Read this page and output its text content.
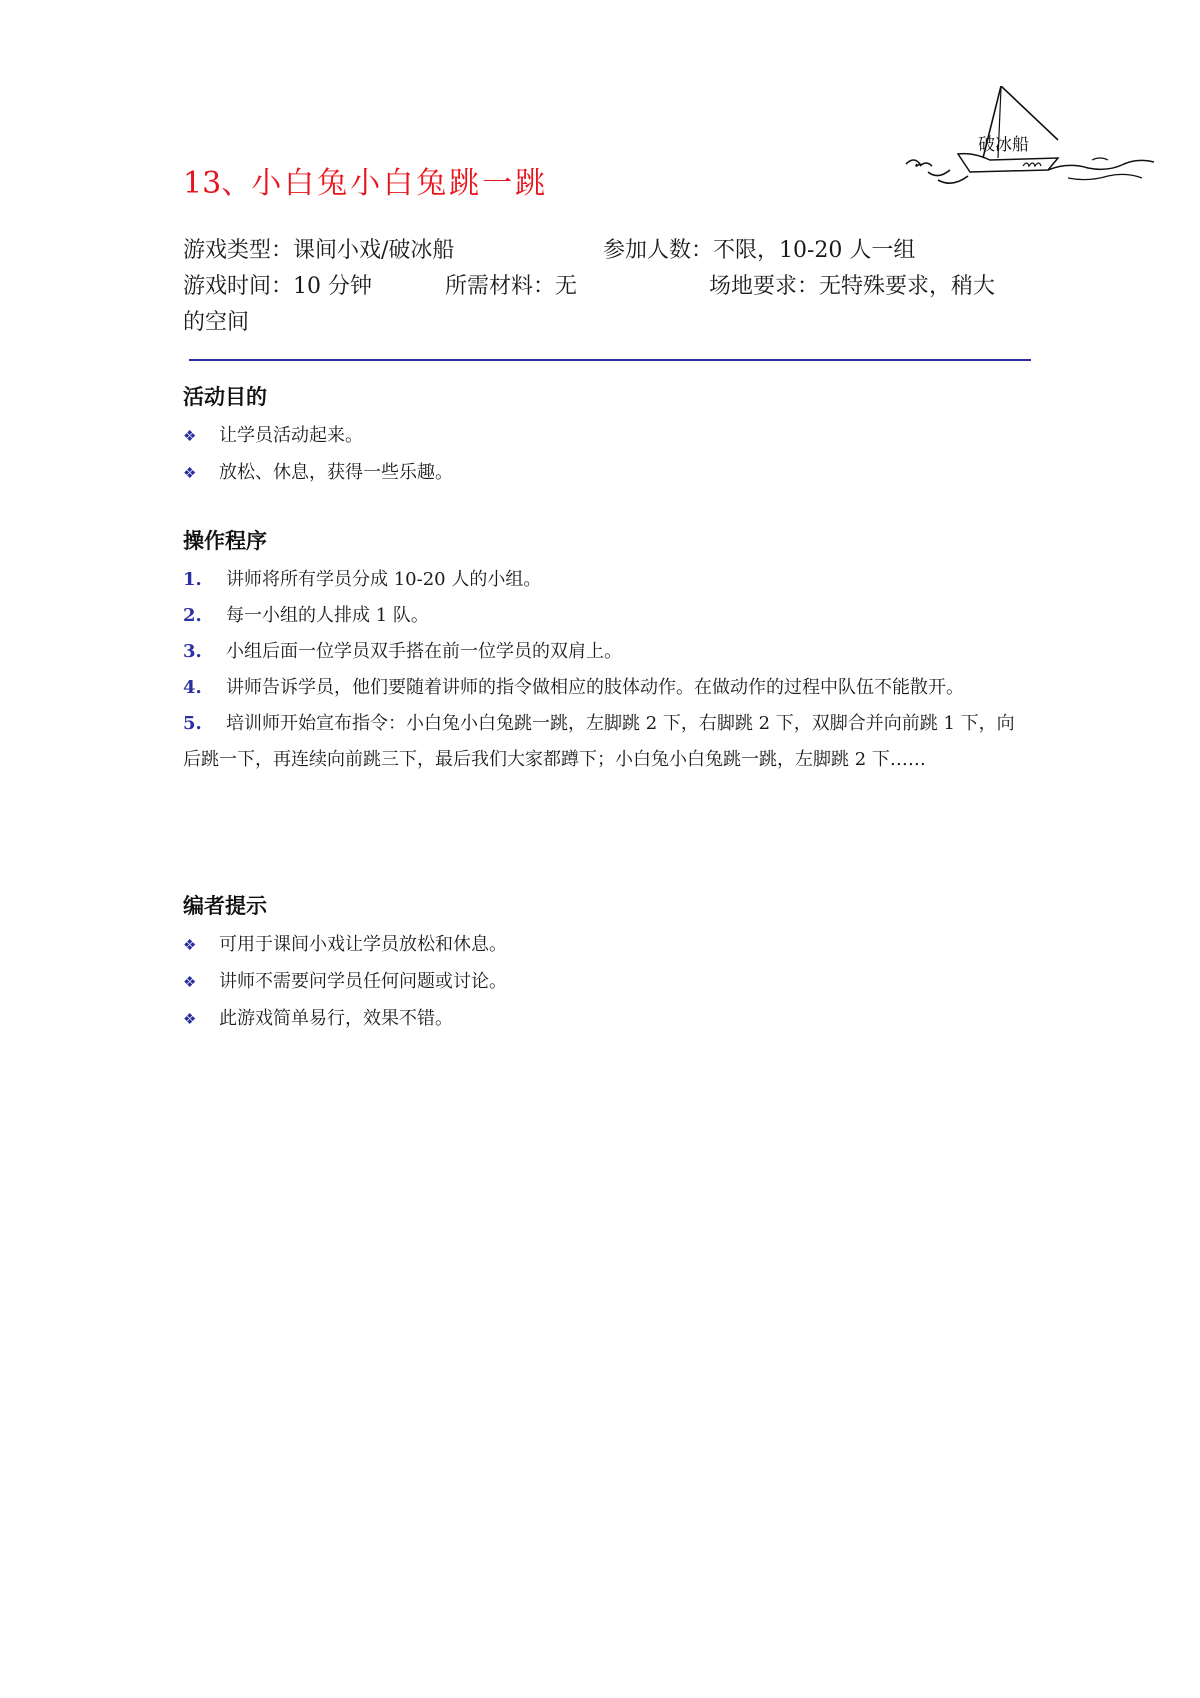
破冰船
13、小白兔小白兔跳一跳
游戏类型：课间小戏/破冰船	参加人数：不限，10-20 人一组
游戏时间：10 分钟	所需材料：无	场地要求：无特殊要求，稍大
的空间
活动目的
❖ 让学员活动起来。
❖ 放松、休息，获得一些乐趣。
操作程序
1. 讲师将所有学员分成 10-20 人的小组。
2. 每一小组的人排成 1 队。
3. 小组后面一位学员双手搭在前一位学员的双肩上。
4. 讲师告诉学员，他们要随着讲师的指令做相应的肢体动作。在做动作的过程中队伍不能散开。
5. 培训师开始宣布指令：小白兔小白兔跳一跳，左脚跳 2 下，右脚跳 2 下，双脚合并向前跳 1 下，向后跳一下，再连续向前跳三下，最后我们大家都蹲下；小白兔小白兔跳一跳，左脚跳 2 下……
编者提示
❖ 可用于课间小戏让学员放松和休息。
❖ 讲师不需要问学员任何问题或讨论。
❖ 此游戏简单易行，效果不错。
